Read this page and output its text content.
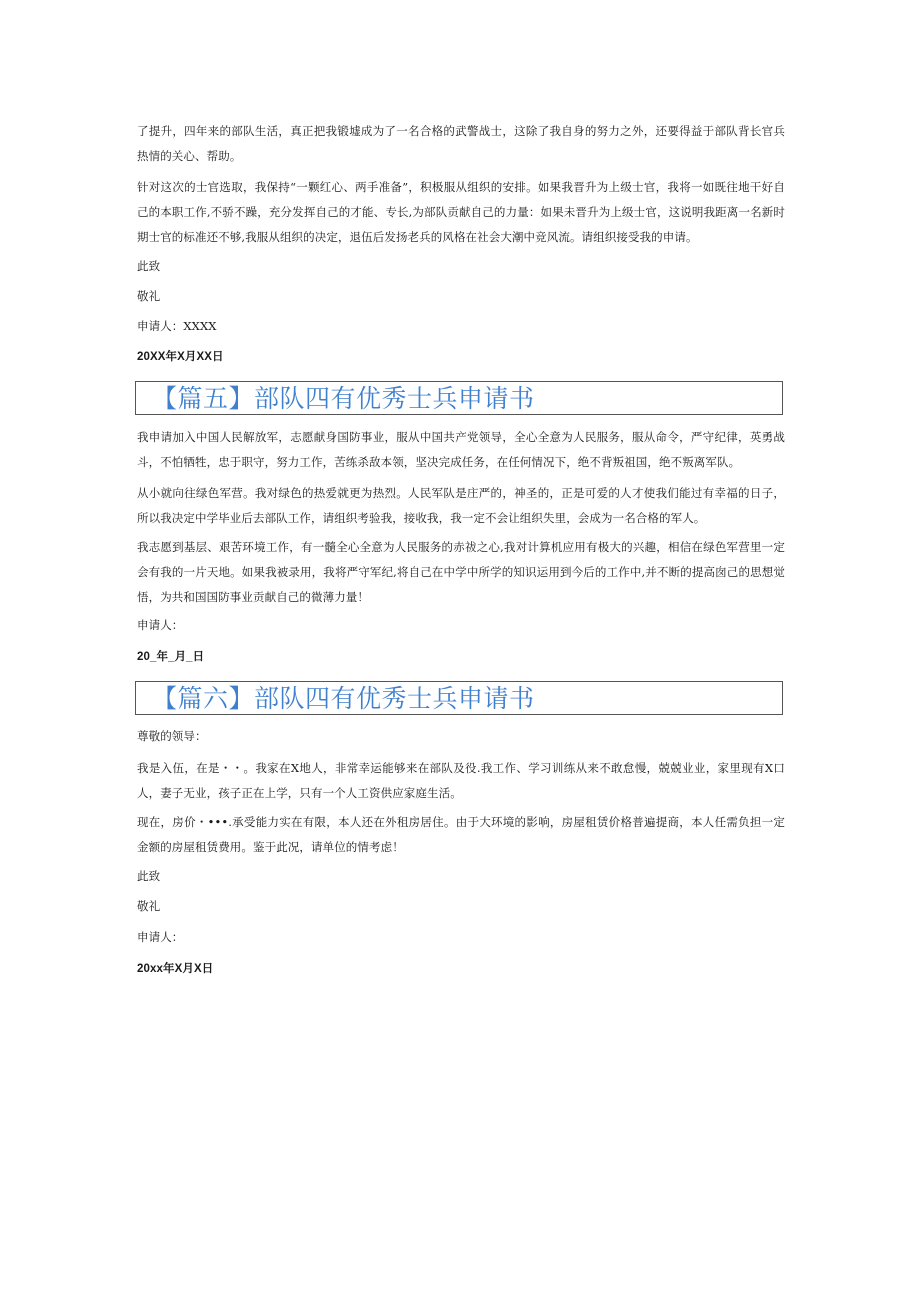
了提升，四年来的部队生活，真正把我锻墟成为了一名合格的武警战士，这除了我自身的努力之外，还要得益于部队背长官兵热情的关心、帮助。

针对这次的士官选取，我保持“一颗红心、两手准备”，积极服从组织的安排。如果我晋升为上级士官，我将一如既往地干好自己的本职工作,不骄不躁，充分发挥自己的才能、专长,为部队贡献自己的力量：如果未晋升为上级士官，这说明我距离一名新时期士官的标准还不够,我服从组织的决定，退伍后发扬老兵的风格在社会大潮中竞风流。请组织接受我的申请。

此致

敬礼

申请人：XXXX

20XX年X月XX日

【篇五】部队四有优秀士兵申请书

我申请加入中国人民解放军，志愿献身国防事业，服从中国共产党领导，全心全意为人民服务，服从命令，严守纪律，英勇战斗，不怕牺牲，忠于职守，努力工作，苦练杀敌本领，坚决完成任务，在任何情况下，绝不背叛祖国，绝不叛离军队。

从小就向往绿色军营。我对绿色的热爱就更为热烈。人民军队是庄严的，神圣的，正是可爱的人才使我们能过有幸福的日子，所以我决定中学毕业后去部队工作，请组织考验我，接收我，我一定不会让组织失里，会成为一名合格的军人。

我志愿到基层、艰苦环境工作，有一髓全心全意为人民服务的赤祓之心,我对计算机应用有极大的兴趣，相信在绿色军营里一定会有我的一片天地。如果我被录用，我将严守军纪,将自己在中学中所学的知识运用到今后的工作中,并不断的提高囱己的思想觉悟，为共和国国防事业贡献自己的微薄力量！

申请人：

20_年_月_日

【篇六】部队四有优秀士兵申请书

尊敬的领导：

我是入伍，在是・・。我家在X地人，非常幸运能够来在部队及役.我工作、学习训练从来不敢怠慢，兢兢业业，家里现有X口人，妻子无业，孩子正在上学，只有一个人工资供应家庭生活。

现在，房价・•••.承受能力实在有限，本人还在外租房居住。由于大环境的影响，房屋租赁价格普遍提商，本人任需负担一定金额的房屋租赁费用。鉴于此况，请单位的情考虑！

此致

敬礼

申请人：

20xx年X月X日
